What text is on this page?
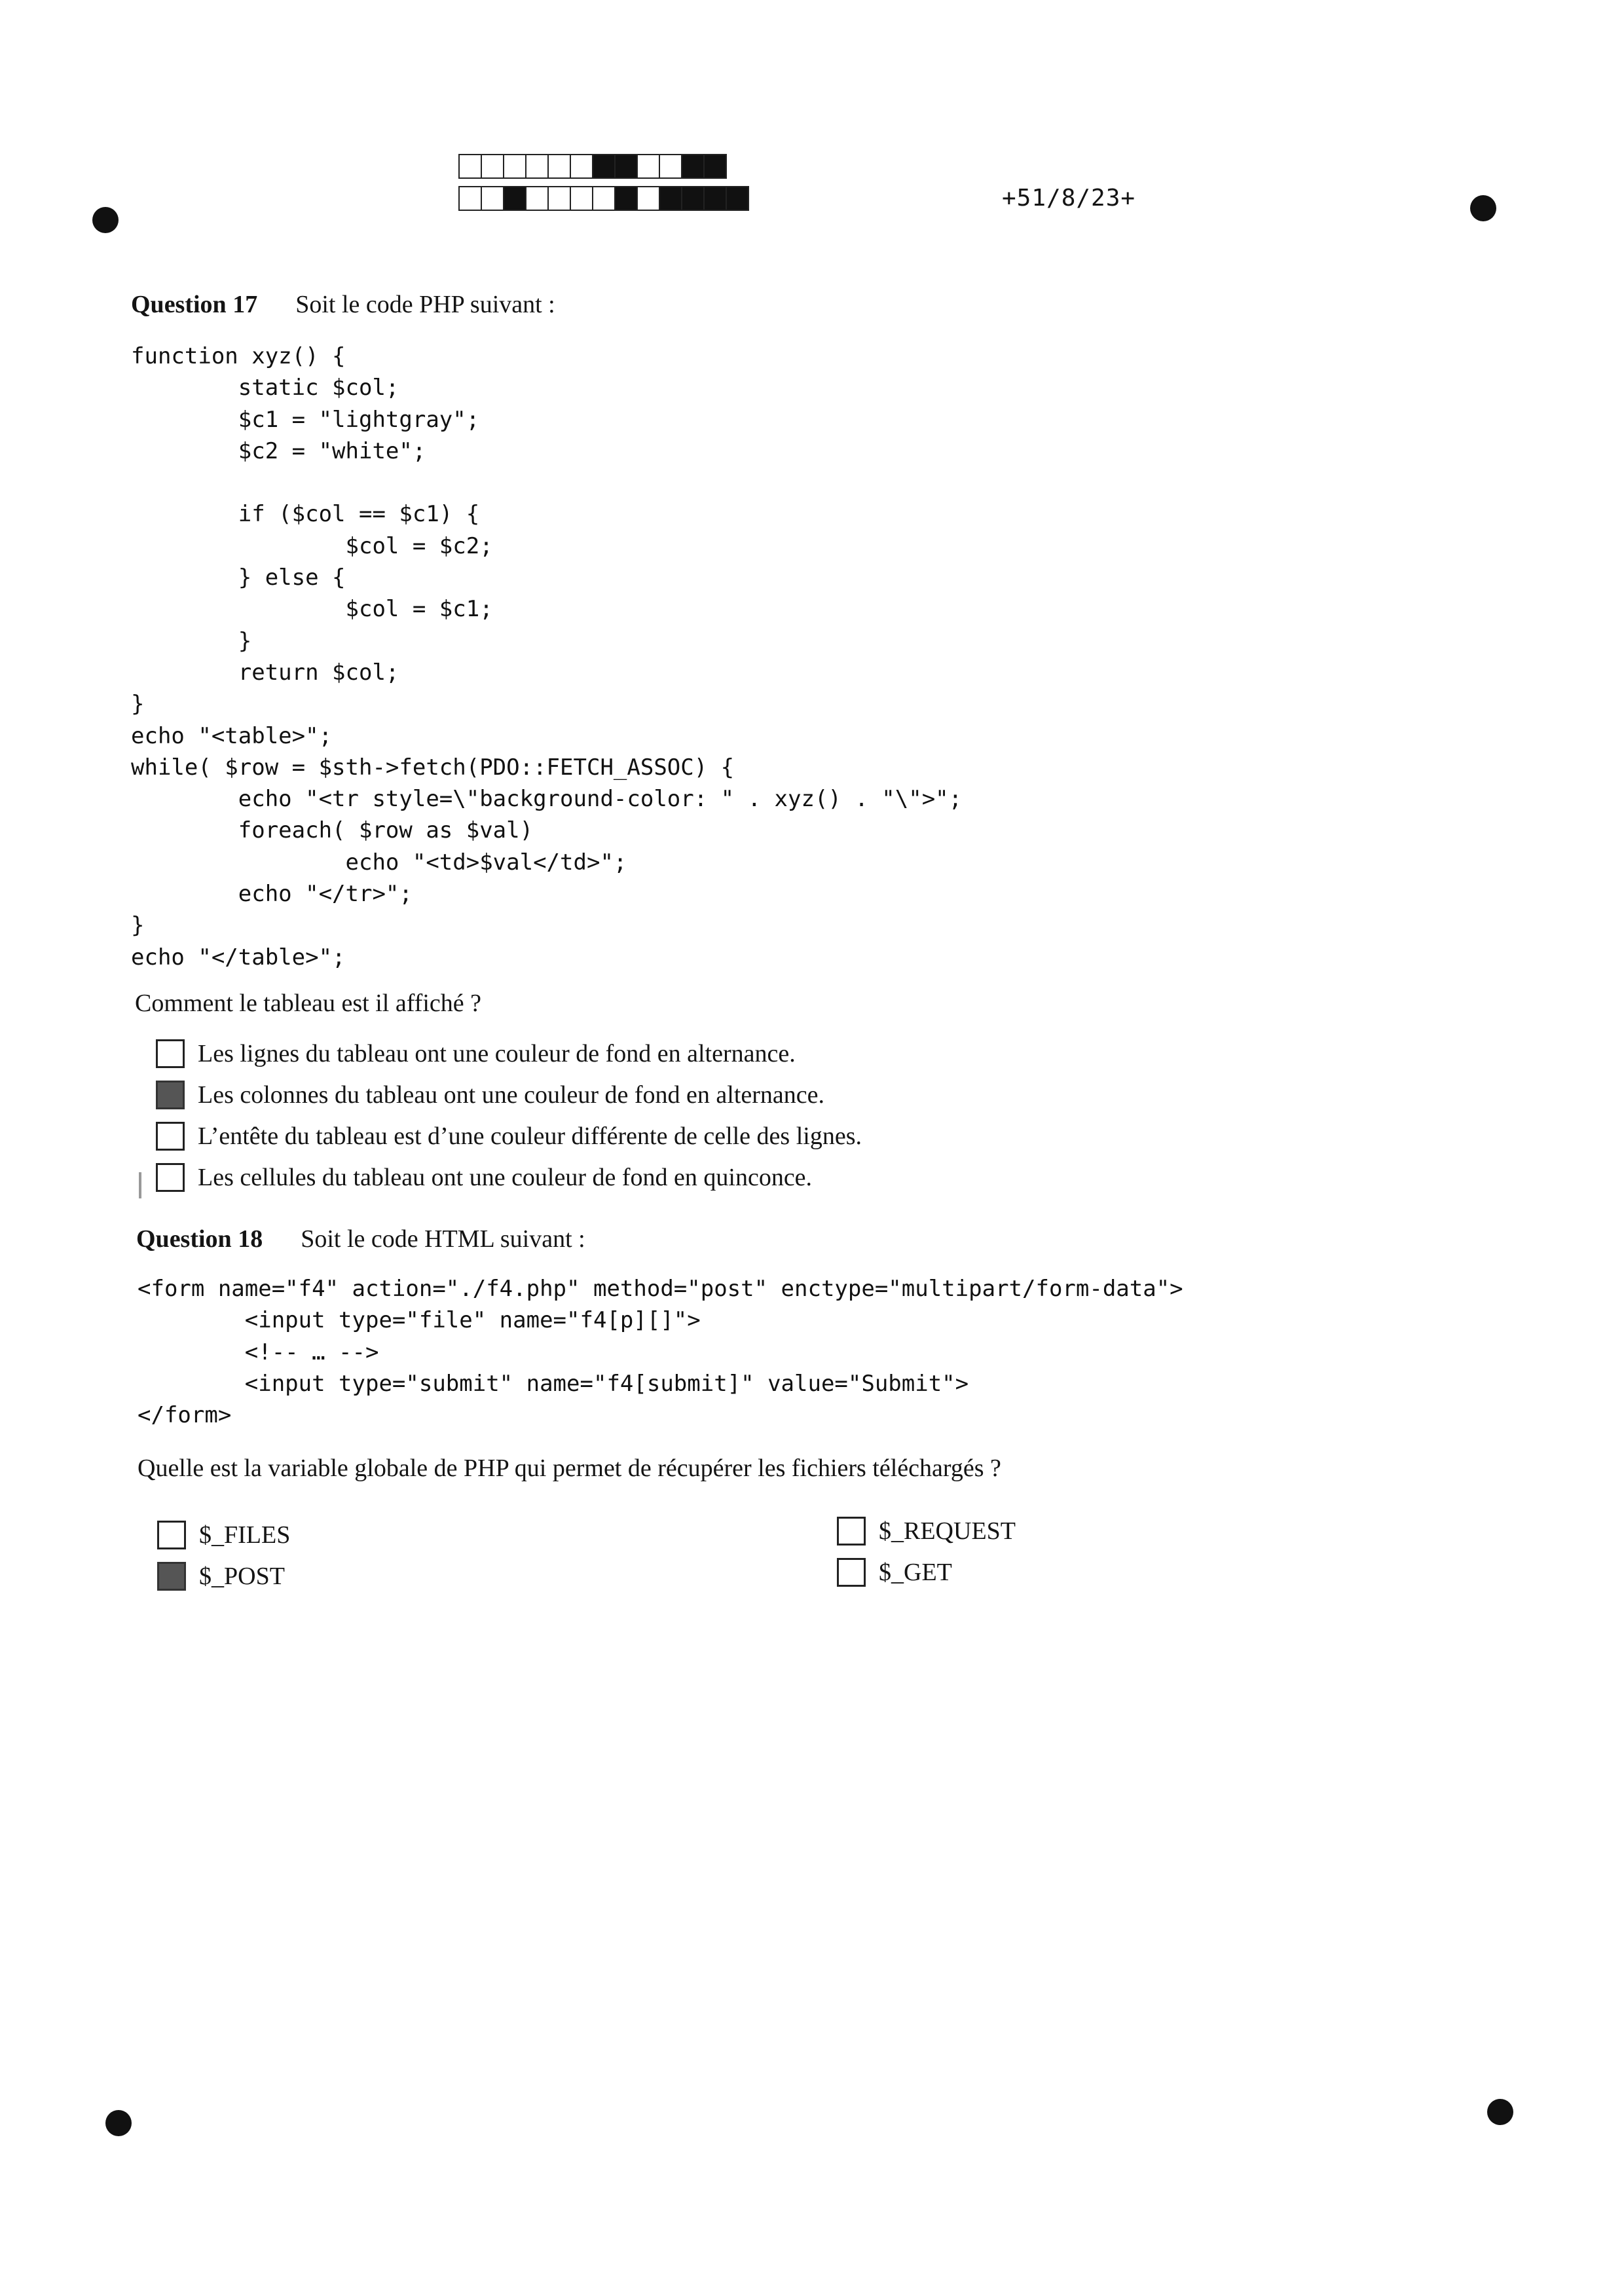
+51/8/23+
Question 17 Soit le code PHP suivant :
function xyz() {
static $col;
$c1 = "lightgray";
$c2 = "white";

if ($col == $c1) {
$col = $c2;
} else {
$col = $c1;
}
return $col;
}
echo "<table>";
while( $row = $sth->fetch(PDO::FETCH_ASSOC) {
echo "<tr style=\"background-color: " . xyz() . "\">";
foreach( $row as $val)
echo "<td>$val</td>";
echo "</tr>";
}
echo "</table>";
Comment le tableau est il affiché ?
Les lignes du tableau ont une couleur de fond en alternance.
Les colonnes du tableau ont une couleur de fond en alternance.
L’entête du tableau est d’une couleur différente de celle des lignes.
Les cellules du tableau ont une couleur de fond en quinconce.
Question 18 Soit le code HTML suivant :
<form name="f4" action="./f4.php" method="post" enctype="multipart/form-data">
<input type="file" name="f4[p][]">
<!-- … -->
<input type="submit" name="f4[submit]" value="Submit">
</form>
Quelle est la variable globale de PHP qui permet de récupérer les fichiers téléchargés ?
$_FILES
$_POST
$_REQUEST
$_GET
